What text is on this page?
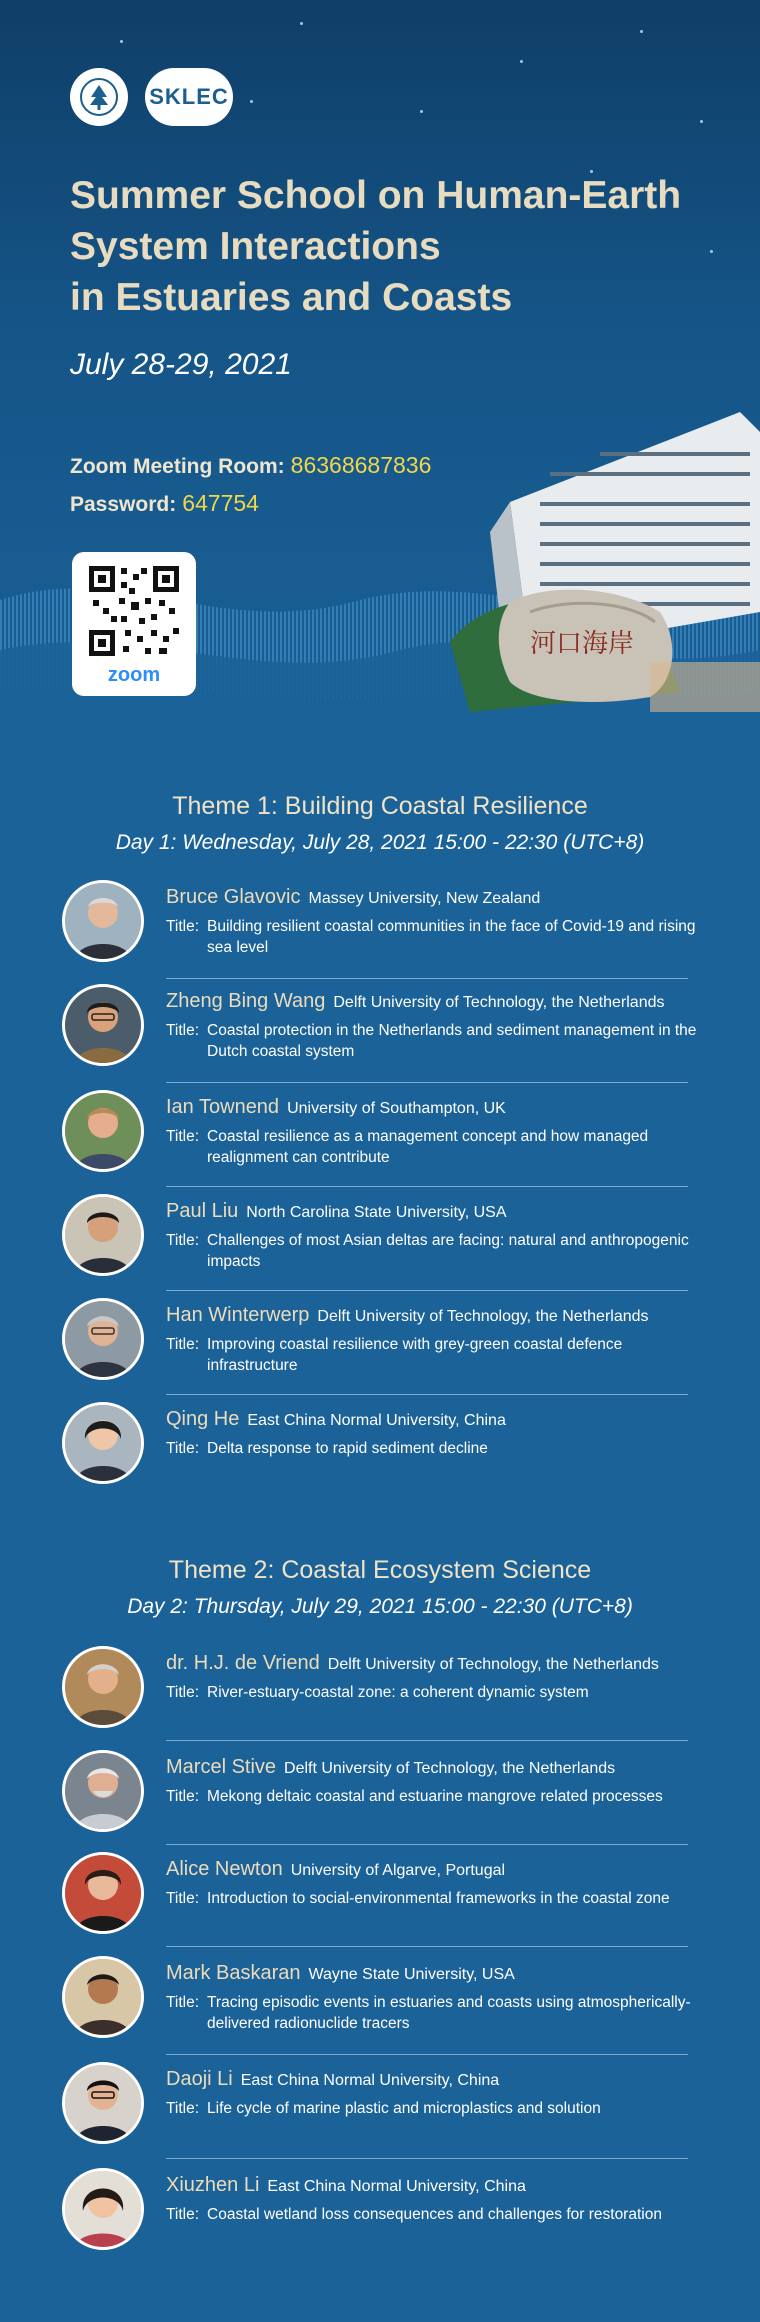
SKLEC
Summer School on Human-Earth
System Interactions
in Estuaries and Coasts
July 28-29, 2021
Zoom Meeting Room: 86368687836
Password: 647754
河口海岸
zoom
Theme 1: Building Coastal Resilience
Day 1: Wednesday, July 28, 2021 15:00 - 22:30 (UTC+8)
Bruce Glavovic Massey University, New Zealand
Title: Building resilient coastal communities in the face of Covid-19 and rising sea level
Zheng Bing Wang Delft University of Technology, the Netherlands
Title: Coastal protection in the Netherlands and sediment management in the Dutch coastal system
Ian Townend University of Southampton, UK
Title: Coastal resilience as a management concept and how managed realignment can contribute
Paul Liu North Carolina State University, USA
Title: Challenges of most Asian deltas are facing: natural and anthropogenic impacts
Han Winterwerp Delft University of Technology, the Netherlands
Title: Improving coastal resilience with grey-green coastal defence infrastructure
Qing He East China Normal University, China
Title: Delta response to rapid sediment decline
Theme 2: Coastal Ecosystem Science
Day 2: Thursday, July 29, 2021 15:00 - 22:30 (UTC+8)
dr. H.J. de Vriend Delft University of Technology, the Netherlands
Title: River-estuary-coastal zone: a coherent dynamic system
Marcel Stive Delft University of Technology, the Netherlands
Title: Mekong deltaic coastal and estuarine mangrove related processes
Alice Newton University of Algarve, Portugal
Title: Introduction to social-environmental frameworks in the coastal zone
Mark Baskaran Wayne State University, USA
Title: Tracing episodic events in estuaries and coasts using atmospherically-delivered radionuclide tracers
Daoji Li East China Normal University, China
Title: Life cycle of marine plastic and microplastics and solution
Xiuzhen Li East China Normal University, China
Title: Coastal wetland loss consequences and challenges for restoration
